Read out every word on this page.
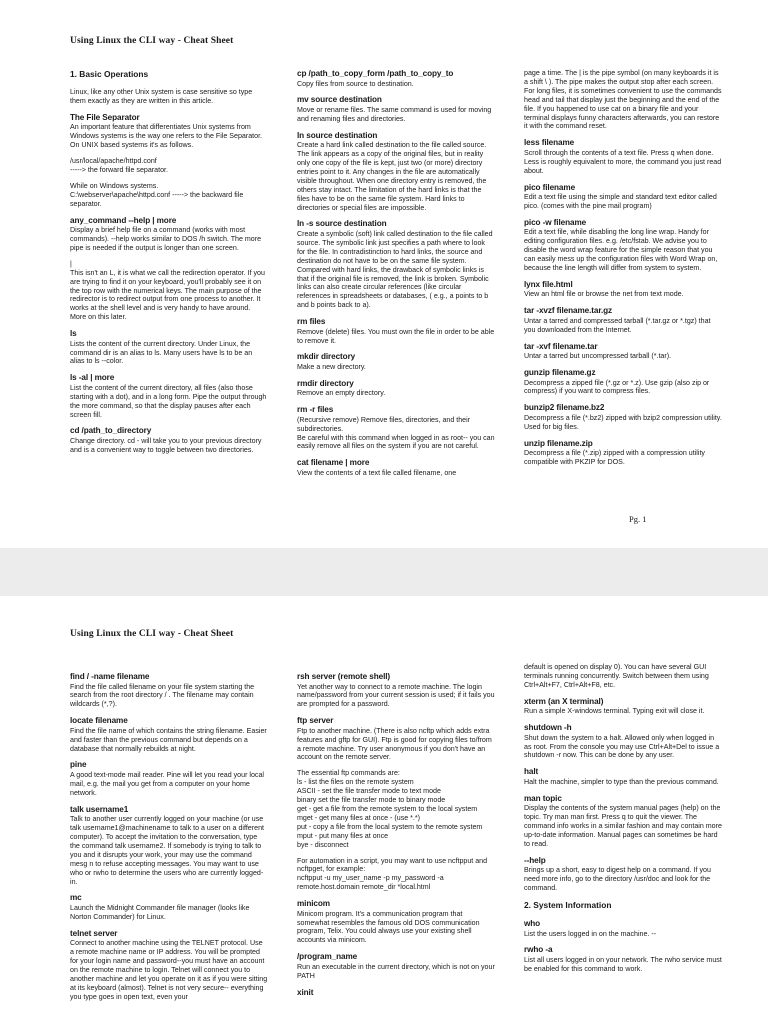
Using Linux the CLI way - Cheat Sheet
1. Basic Operations
Linux, like any other Unix system is case sensitive so type them exactly as they are written in this article.
The File Separator
An important feature that differentiates Unix systems from Windows systems is the way one refers to the File Separator. On UNIX based systems it's as follows.
/usr/local/apache/httpd.conf
-----> the forward file separator.
While on Windows systems.
C:\webserver\apache\httpd.conf -----> the backward file separator.
any_command --help | more
Display a brief help file on a command (works with most commands). --help works similar to DOS /h switch. The more pipe is needed if the output is longer than one screen.
|
This isn't an L, it is what we call the redirection operator. If you are trying to find it on your keyboard, you'll probably see it on the top row with the numerical keys. The main purpose of the redirector is to redirect output from one process to another. It works at the shell level and is very handy to have around. More on this later.
ls
Lists the content of the current directory. Under Linux, the command dir is an alias to ls. Many users have ls to be an alias to ls --color.
ls -al | more
List the content of the current directory, all files (also those starting with a dot), and in a long form. Pipe the output through the more command, so that the display pauses after each screen fill.
cd /path_to_directory
Change directory. cd - will take you to your previous directory and is a convenient way to toggle between two directories.
cp /path_to_copy_form /path_to_copy_to
Copy files from source to destination.
mv source destination
Move or rename files. The same command is used for moving and renaming files and directories.
ln source destination
Create a hard link called destination to the file called source. The link appears as a copy of the original files, but in reality only one copy of the file is kept, just two (or more) directory entries point to it. Any changes in the file are automatically visible throughout. When one directory entry is removed, the others stay intact. The limitation of the hard links is that the files have to be on the same file system. Hard links to directories or special files are impossible.
ln -s source destination
Create a symbolic (soft) link called destination to the file called source. The symbolic link just specifies a path where to look for the file. In contradistinction to hard links, the source and destination do not have to be on the same file system. Compared with hard links, the drawback of symbolic links is that if the original file is removed, the link is broken. Symbolic links can also create circular references (like circular references in spreadsheets or databases, ( e.g., a points to b and b points back to a).
rm files
Remove (delete) files. You must own the file in order to be able to remove it.
mkdir directory
Make a new directory.
rmdir directory
Remove an empty directory.
rm -r files
(Recursive remove) Remove files, directories, and their subdirectories.
Be careful with this command when logged in as root-- you can easily remove all files on the system if you are not careful.
cat filename | more
View the contents of a text file called filename, one
page a time. The | is the pipe symbol (on many keyboards it is a shift \ ). The pipe makes the output stop after each screen. For long files, it is sometimes convenient to use the commands head and tail that display just the beginning and the end of the file. If you happened to use cat on a binary file and your terminal displays funny characters afterwards, you can restore it with the command reset.
less filename
Scroll through the contents of a text file. Press q when done. Less is roughly equivalent to more, the command you just read about.
pico filename
Edit a text file using the simple and standard text editor called pico. (comes with the pine mail program)
pico -w filename
Edit a text file, while disabling the long line wrap. Handy for editing configuration files. e.g. /etc/fstab. We advise you to disable the word wrap feature for the simple reason that you can easily mess up the configuration files with Word Wrap on, because the line length will differ from system to system.
lynx file.html
View an html file or browse the net from text mode.
tar -xvzf filename.tar.gz
Untar a tarred and compressed tarball (*.tar.gz or *.tgz) that you downloaded from the Internet.
tar -xvf filename.tar
Untar a tarred but uncompressed tarball (*.tar).
gunzip filename.gz
Decompress a zipped file (*.gz or *.z). Use gzip (also zip or compress) if you want to compress files.
bunzip2 filename.bz2
Decompress a file (*.bz2) zipped with bzip2 compression utility. Used for big files.
unzip filename.zip
Decompress a file (*.zip) zipped with a compression utility compatible with PKZIP for DOS.
Pg. 1
Using Linux the CLI way - Cheat Sheet
find / -name filename
Find the file called filename on your file system starting the search from the root directory / . The filename may contain wildcards (*,?).
locate filename
Find the file name of which contains the string filename. Easier and faster than the previous command but depends on a database that normally rebuilds at night.
pine
A good text-mode mail reader. Pine will let you read your local mail, e.g. the mail you get from a computer on your home network.
talk username1
Talk to another user currently logged on your machine (or use talk username1@machinename to talk to a user on a different computer). To accept the invitation to the conversation, type the command talk username2. If somebody is trying to talk to you and it disrupts your work, your may use the command mesg n to refuse accepting messages. You may want to use who or rwho to determine the users who are currently logged-in.
mc
Launch the Midnight Commander file manager (looks like Norton Commander) for Linux.
telnet server
Connect to another machine using the TELNET protocol. Use a remote machine name or IP address. You will be prompted for your login name and password--you must have an account on the remote machine to login. Telnet will connect you to another machine and let you operate on it as if you were sitting at its keyboard (almost). Telnet is not very secure-- everything you type goes in open text, even your
rsh server (remote shell)
Yet another way to connect to a remote machine. The login name/password from your current session is used; if it fails you are prompted for a password.
ftp server
Ftp to another machine. (There is also ncftp which adds extra features and gftp for GUI). Ftp is good for copying files to/from a remote machine. Try user anonymous if you don't have an account on the remote server.
The essential ftp commands are:
ls - list the files on the remote system
ASCII - set the file transfer mode to text mode
binary set the file transfer mode to binary mode
get - get a file from the remote system to the local system
mget - get many files at once - (use *.*)
put - copy a file from the local system to the remote system
mput - put many files at once
bye - disconnect
For automation in a script, you may want to use ncftpput and ncftpget, for example:
ncftpput -u my_user_name -p my_password -a remote.host.domain remote_dir *local.html
minicom
Minicom program. It's a communication program that somewhat resembles the famous old DOS communication program, Telix. You could always use your existing shell accounts via minicom.
/program_name
Run an executable in the current directory, which is not on your PATH
xinit
default is opened on display 0). You can have several GUI terminals running concurrently. Switch between them using Ctrl+Alt+F7, Ctrl+Alt+F8, etc.
xterm (an X terminal)
Run a simple X-windows terminal. Typing exit will close it.
shutdown -h
Shut down the system to a halt. Allowed only when logged in as root. From the console you may use Ctrl+Alt+Del to issue a shutdown -r now. This can be done by any user.
halt
Halt the machine, simpler to type than the previous command.
man topic
Display the contents of the system manual pages (help) on the topic. Try man man first. Press q to quit the viewer. The command info works in a similar fashion and may contain more up-to-date information. Manual pages can sometimes be hard to read.
--help
Brings up a short, easy to digest help on a command. If you need more info, go to the directory /usr/doc and look for the command.
2. System Information
who
List the users logged in on the machine. --
rwho -a
List all users logged in on your network. The rwho service must be enabled for this command to work.
